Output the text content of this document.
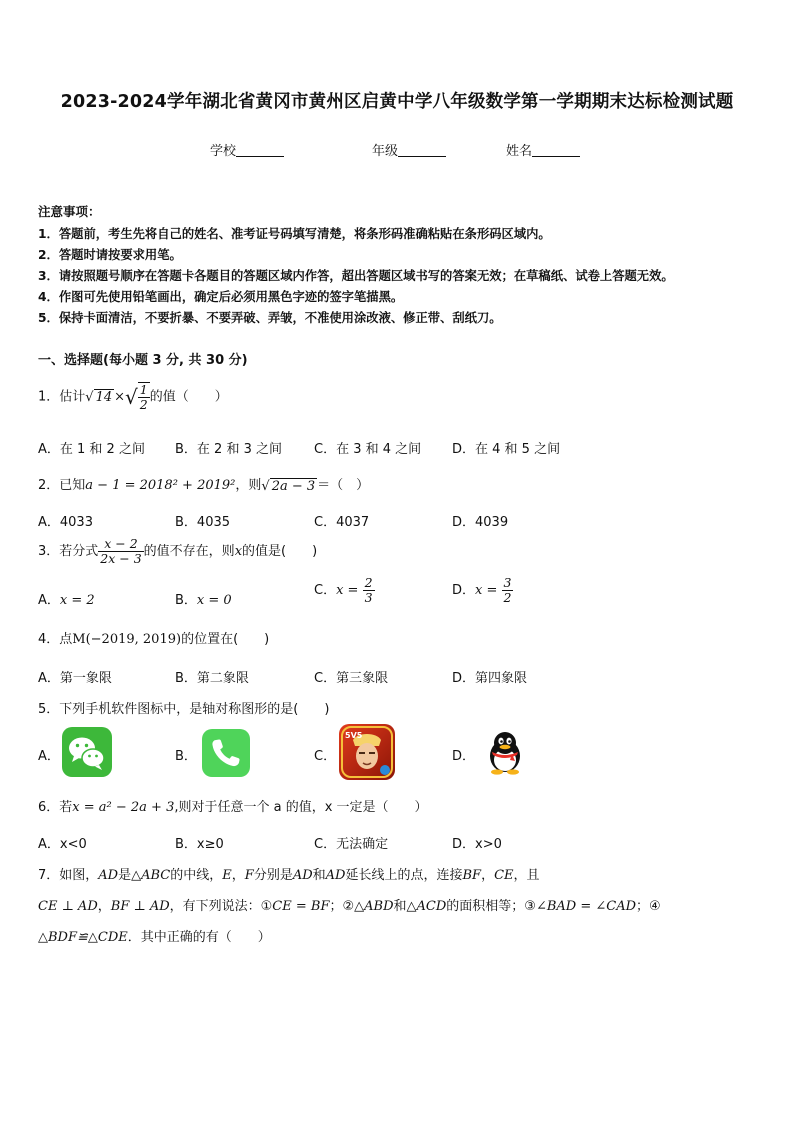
2023-2024学年湖北省黄冈市黄州区启黄中学八年级数学第一学期期末达标检测试题
学校	年级	姓名
注意事项：
1．答题前，考生先将自己的姓名、准考证号码填写清楚，将条形码准确粘贴在条形码区域内。
2．答题时请按要求用笔。
3．请按照题号顺序在答题卡各题目的答题区域内作答，超出答题区域书写的答案无效；在草稿纸、试卷上答题无效。
4．作图可先使用铅笔画出，确定后必须用黑色字迹的签字笔描黑。
5．保持卡面清洁，不要折暴、不要弄破、弄皱，不准使用涂改液、修正带、刮纸刀。
一、选择题(每小题 3 分, 共 30 分)
1．估计√ 14 ×√ $\frac{1}{2}$ 的值（　　）
A．在 1 和 2 之间 B．在 2 和 3 之间 C．在 3 和 4 之间 D．在 4 和 5 之间
2．已知a − 1 = 2018² + 2019²，则√ 2a − 3 ＝（　）
A．4033	B．4035	C．4037	D．4039
3．若分式 $\frac{x - 2}{2x - 3}$ 的值不存在，则x的值是(　　)
A．x = 2	B．x = 0
C．$x = \frac{2}{3}$	D．$x = \frac{3}{2}$
4．点M(−2019, 2019)的位置在(　　)
A．第一象限	B．第二象限	C．第三象限	D．第四象限
5．下列手机软件图标中，是轴对称图形的是(　　)
A．	B．	C．	D．
5V5
6．若x = a² − 2a + 3,则对于任意一个 a 的值，x 一定是（　　）
A．x<0	B．x≥0	C．无法确定	D．x>0
7．如图，AD是△ABC的中线，E，F分别是AD和AD延长线上的点，连接BF，CE，且
CE ⊥ AD，BF ⊥ AD，有下列说法：①CE = BF；②△ABD和△ACD的面积相等；③∠BAD = ∠CAD；④
△BDF≌△CDE．其中正确的有（　　）
